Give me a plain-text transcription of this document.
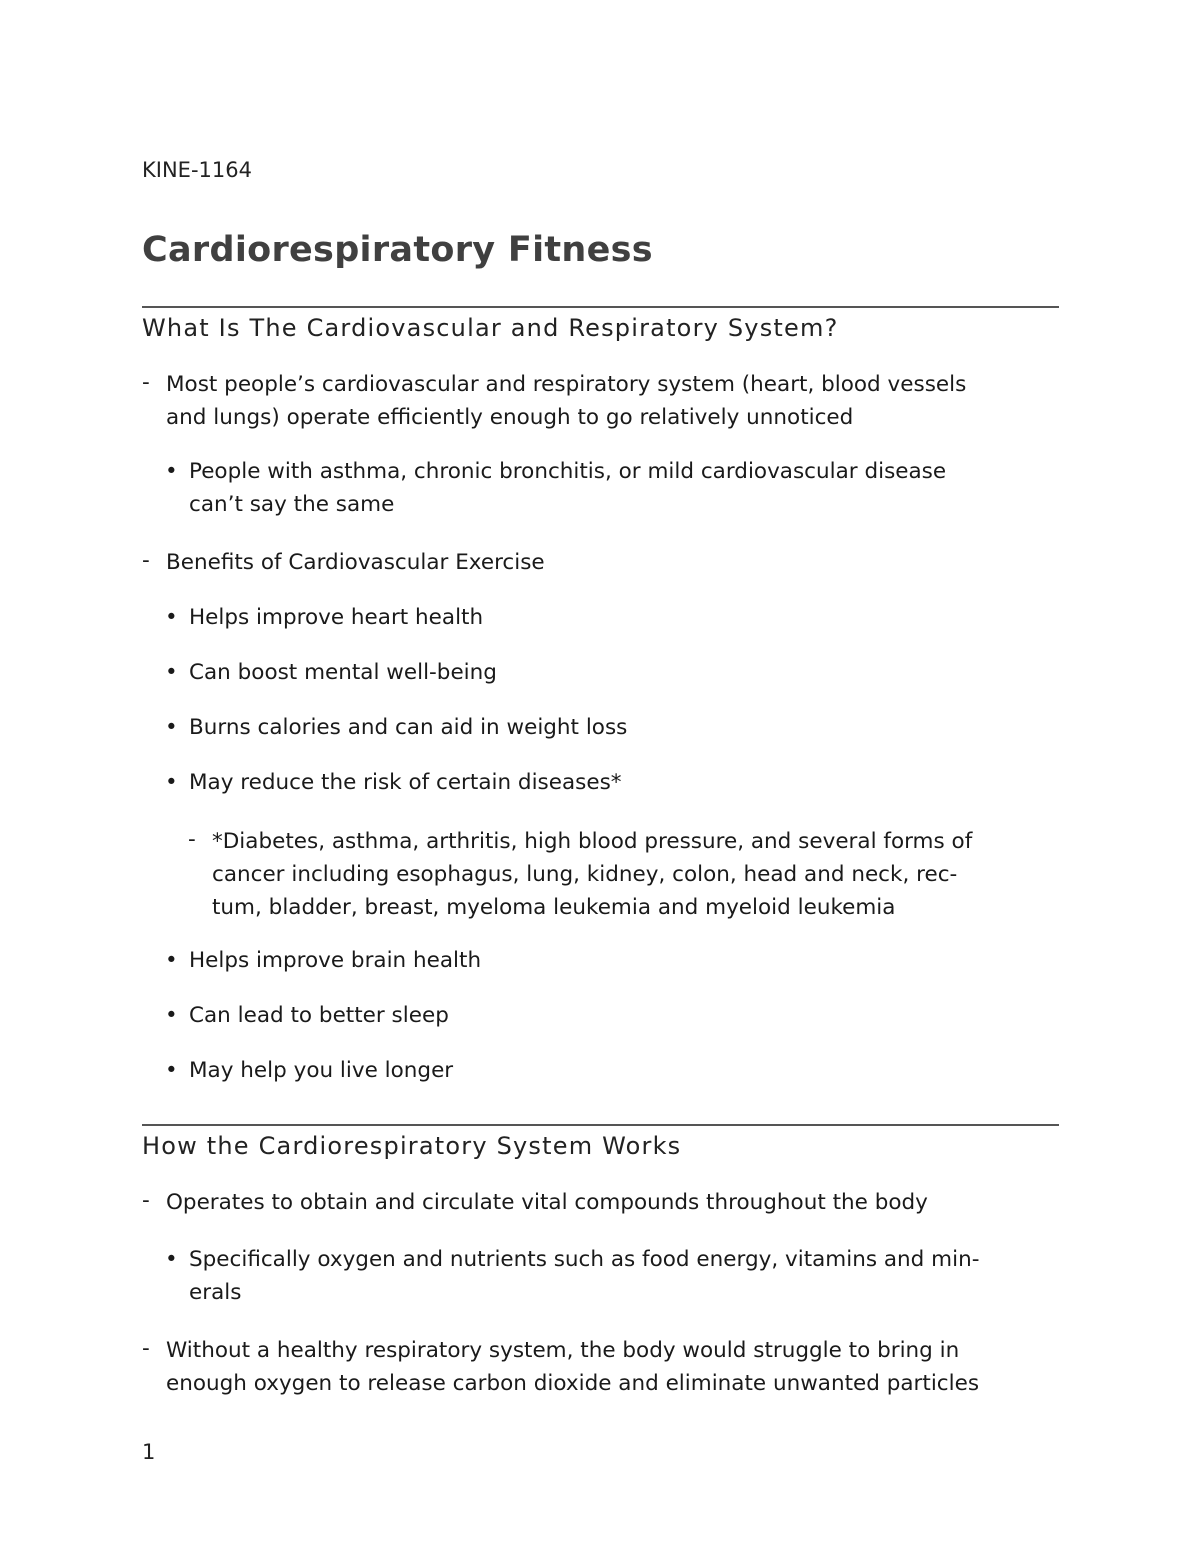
KINE-1164
Cardiorespiratory Fitness
What Is The Cardiovascular and Respiratory System?
- Most people’s cardiovascular and respiratory system (heart, blood vessels
and lungs) operate efficiently enough to go relatively unnoticed
• People with asthma, chronic bronchitis, or mild cardiovascular disease
can’t say the same
- Benefits of Cardiovascular Exercise
• Helps improve heart health
• Can boost mental well-being
• Burns calories and can aid in weight loss
• May reduce the risk of certain diseases*
- *Diabetes, asthma, arthritis, high blood pressure, and several forms of
cancer including esophagus, lung, kidney, colon, head and neck, rec-
tum, bladder, breast, myeloma leukemia and myeloid leukemia
• Helps improve brain health
• Can lead to better sleep
• May help you live longer
How the Cardiorespiratory System Works
- Operates to obtain and circulate vital compounds throughout the body
• Specifically oxygen and nutrients such as food energy, vitamins and min-
erals
- Without a healthy respiratory system, the body would struggle to bring in
enough oxygen to release carbon dioxide and eliminate unwanted particles
1
